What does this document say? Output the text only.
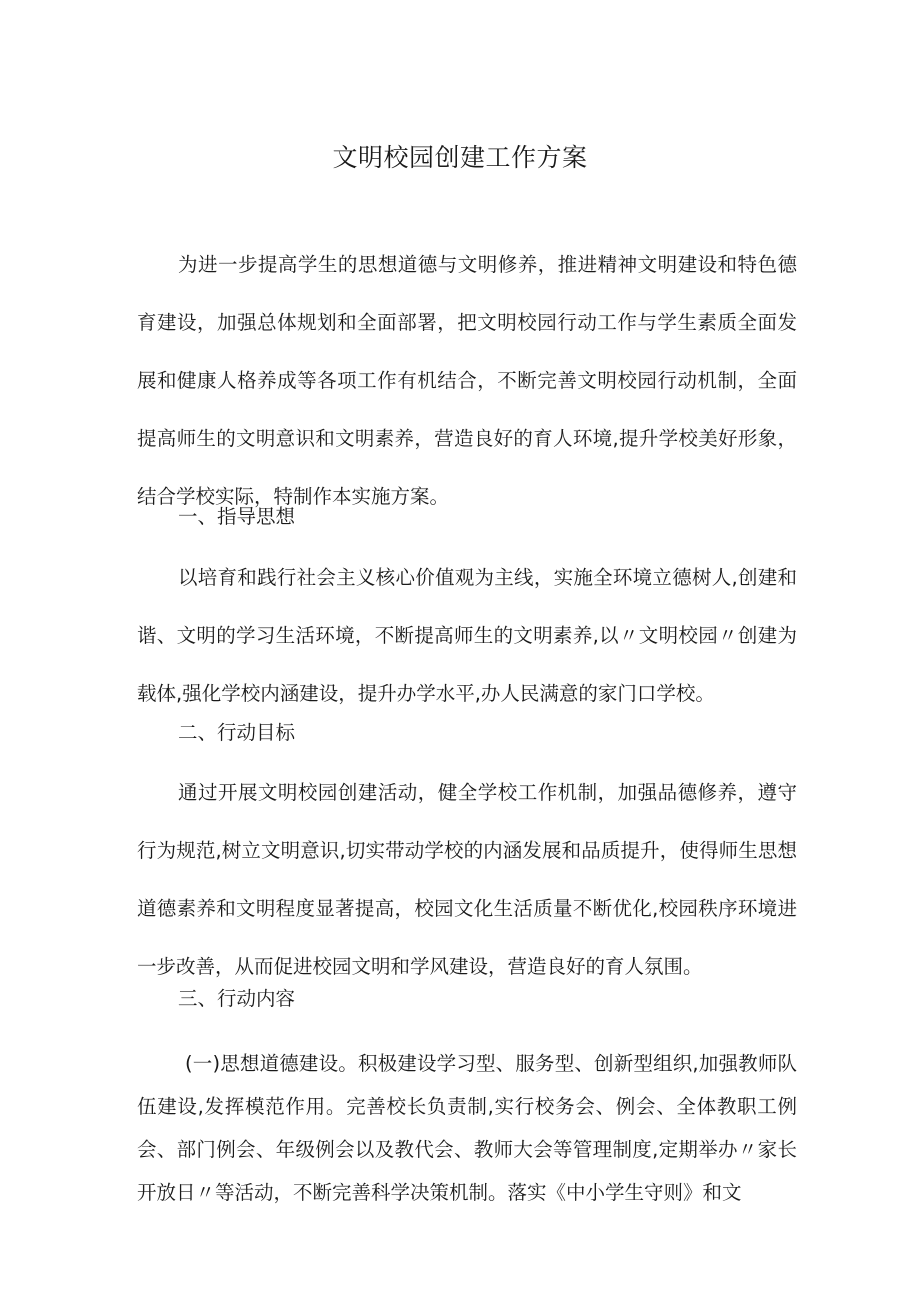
文明校园创建工作方案

为进一步提高学生的思想道德与文明修养，推进精神文明建设和特色德育建设，加强总体规划和全面部署，把文明校园行动工作与学生素质全面发展和健康人格养成等各项工作有机结合，不断完善文明校园行动机制，全面提高师生的文明意识和文明素养，营造良好的育人环境,提升学校美好形象，结合学校实际，特制作本实施方案。

一、指导思想

以培育和践行社会主义核心价值观为主线，实施全环境立德树人,创建和谐、文明的学习生活环境，不断提高师生的文明素养,以〃文明校园〃创建为载体,强化学校内涵建设，提升办学水平,办人民满意的家门口学校。

二、行动目标

通过开展文明校园创建活动，健全学校工作机制，加强品德修养，遵守行为规范,树立文明意识,切实带动学校的内涵发展和品质提升，使得师生思想道德素养和文明程度显著提高，校园文化生活质量不断优化,校园秩序环境进一步改善，从而促进校园文明和学风建设，营造良好的育人氛围。

三、行动内容

(一)思想道德建设。积极建设学习型、服务型、创新型组织,加强教师队伍建设,发挥模范作用。完善校长负责制,实行校务会、例会、全体教职工例会、部门例会、年级例会以及教代会、教师大会等管理制度,定期举办〃家长开放日〃等活动，不断完善科学决策机制。落实《中小学生守则》和文
